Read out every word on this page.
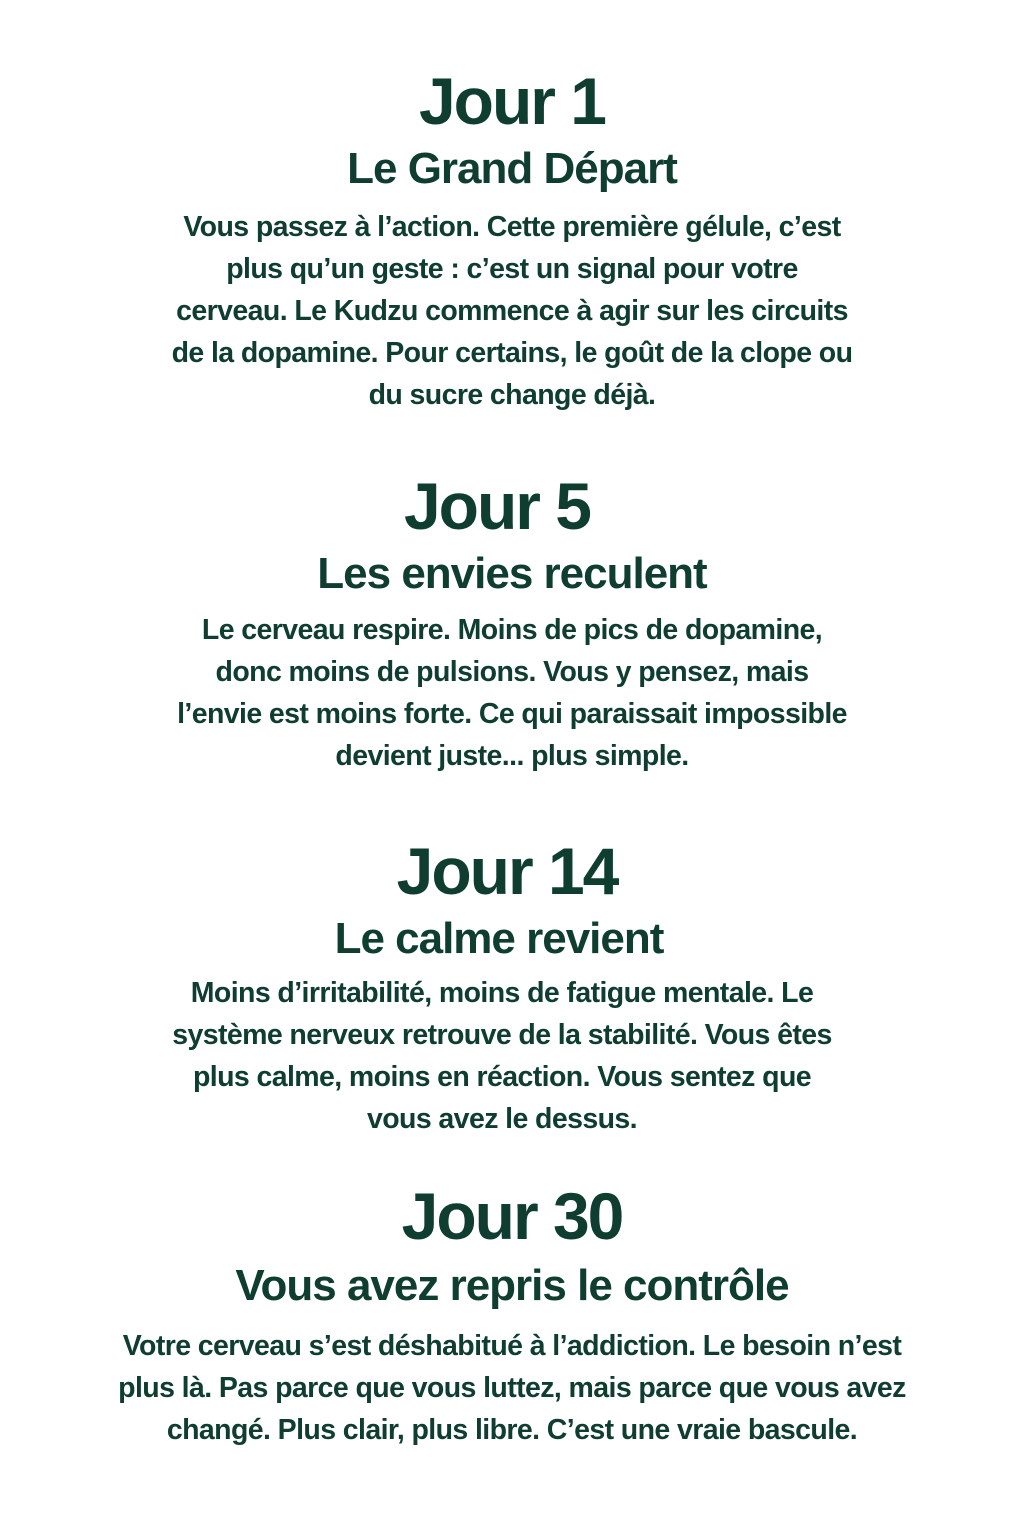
Jour 1
Le Grand Départ

Vous passez à l’action. Cette première gélule, c’est
plus qu’un geste : c’est un signal pour votre
cerveau. Le Kudzu commence à agir sur les circuits
de la dopamine. Pour certains, le goût de la clope ou
du sucre change déjà.

Jour 5
Les envies reculent

Le cerveau respire. Moins de pics de dopamine,
donc moins de pulsions. Vous y pensez, mais
l’envie est moins forte. Ce qui paraissait impossible
devient juste... plus simple.

Jour 14
Le calme revient

Moins d’irritabilité, moins de fatigue mentale. Le
système nerveux retrouve de la stabilité. Vous êtes
plus calme, moins en réaction. Vous sentez que
vous avez le dessus.

Jour 30
Vous avez repris le contrôle

Votre cerveau s’est déshabitué à l’addiction. Le besoin n’est
plus là. Pas parce que vous luttez, mais parce que vous avez
changé. Plus clair, plus libre. C’est une vraie bascule.
